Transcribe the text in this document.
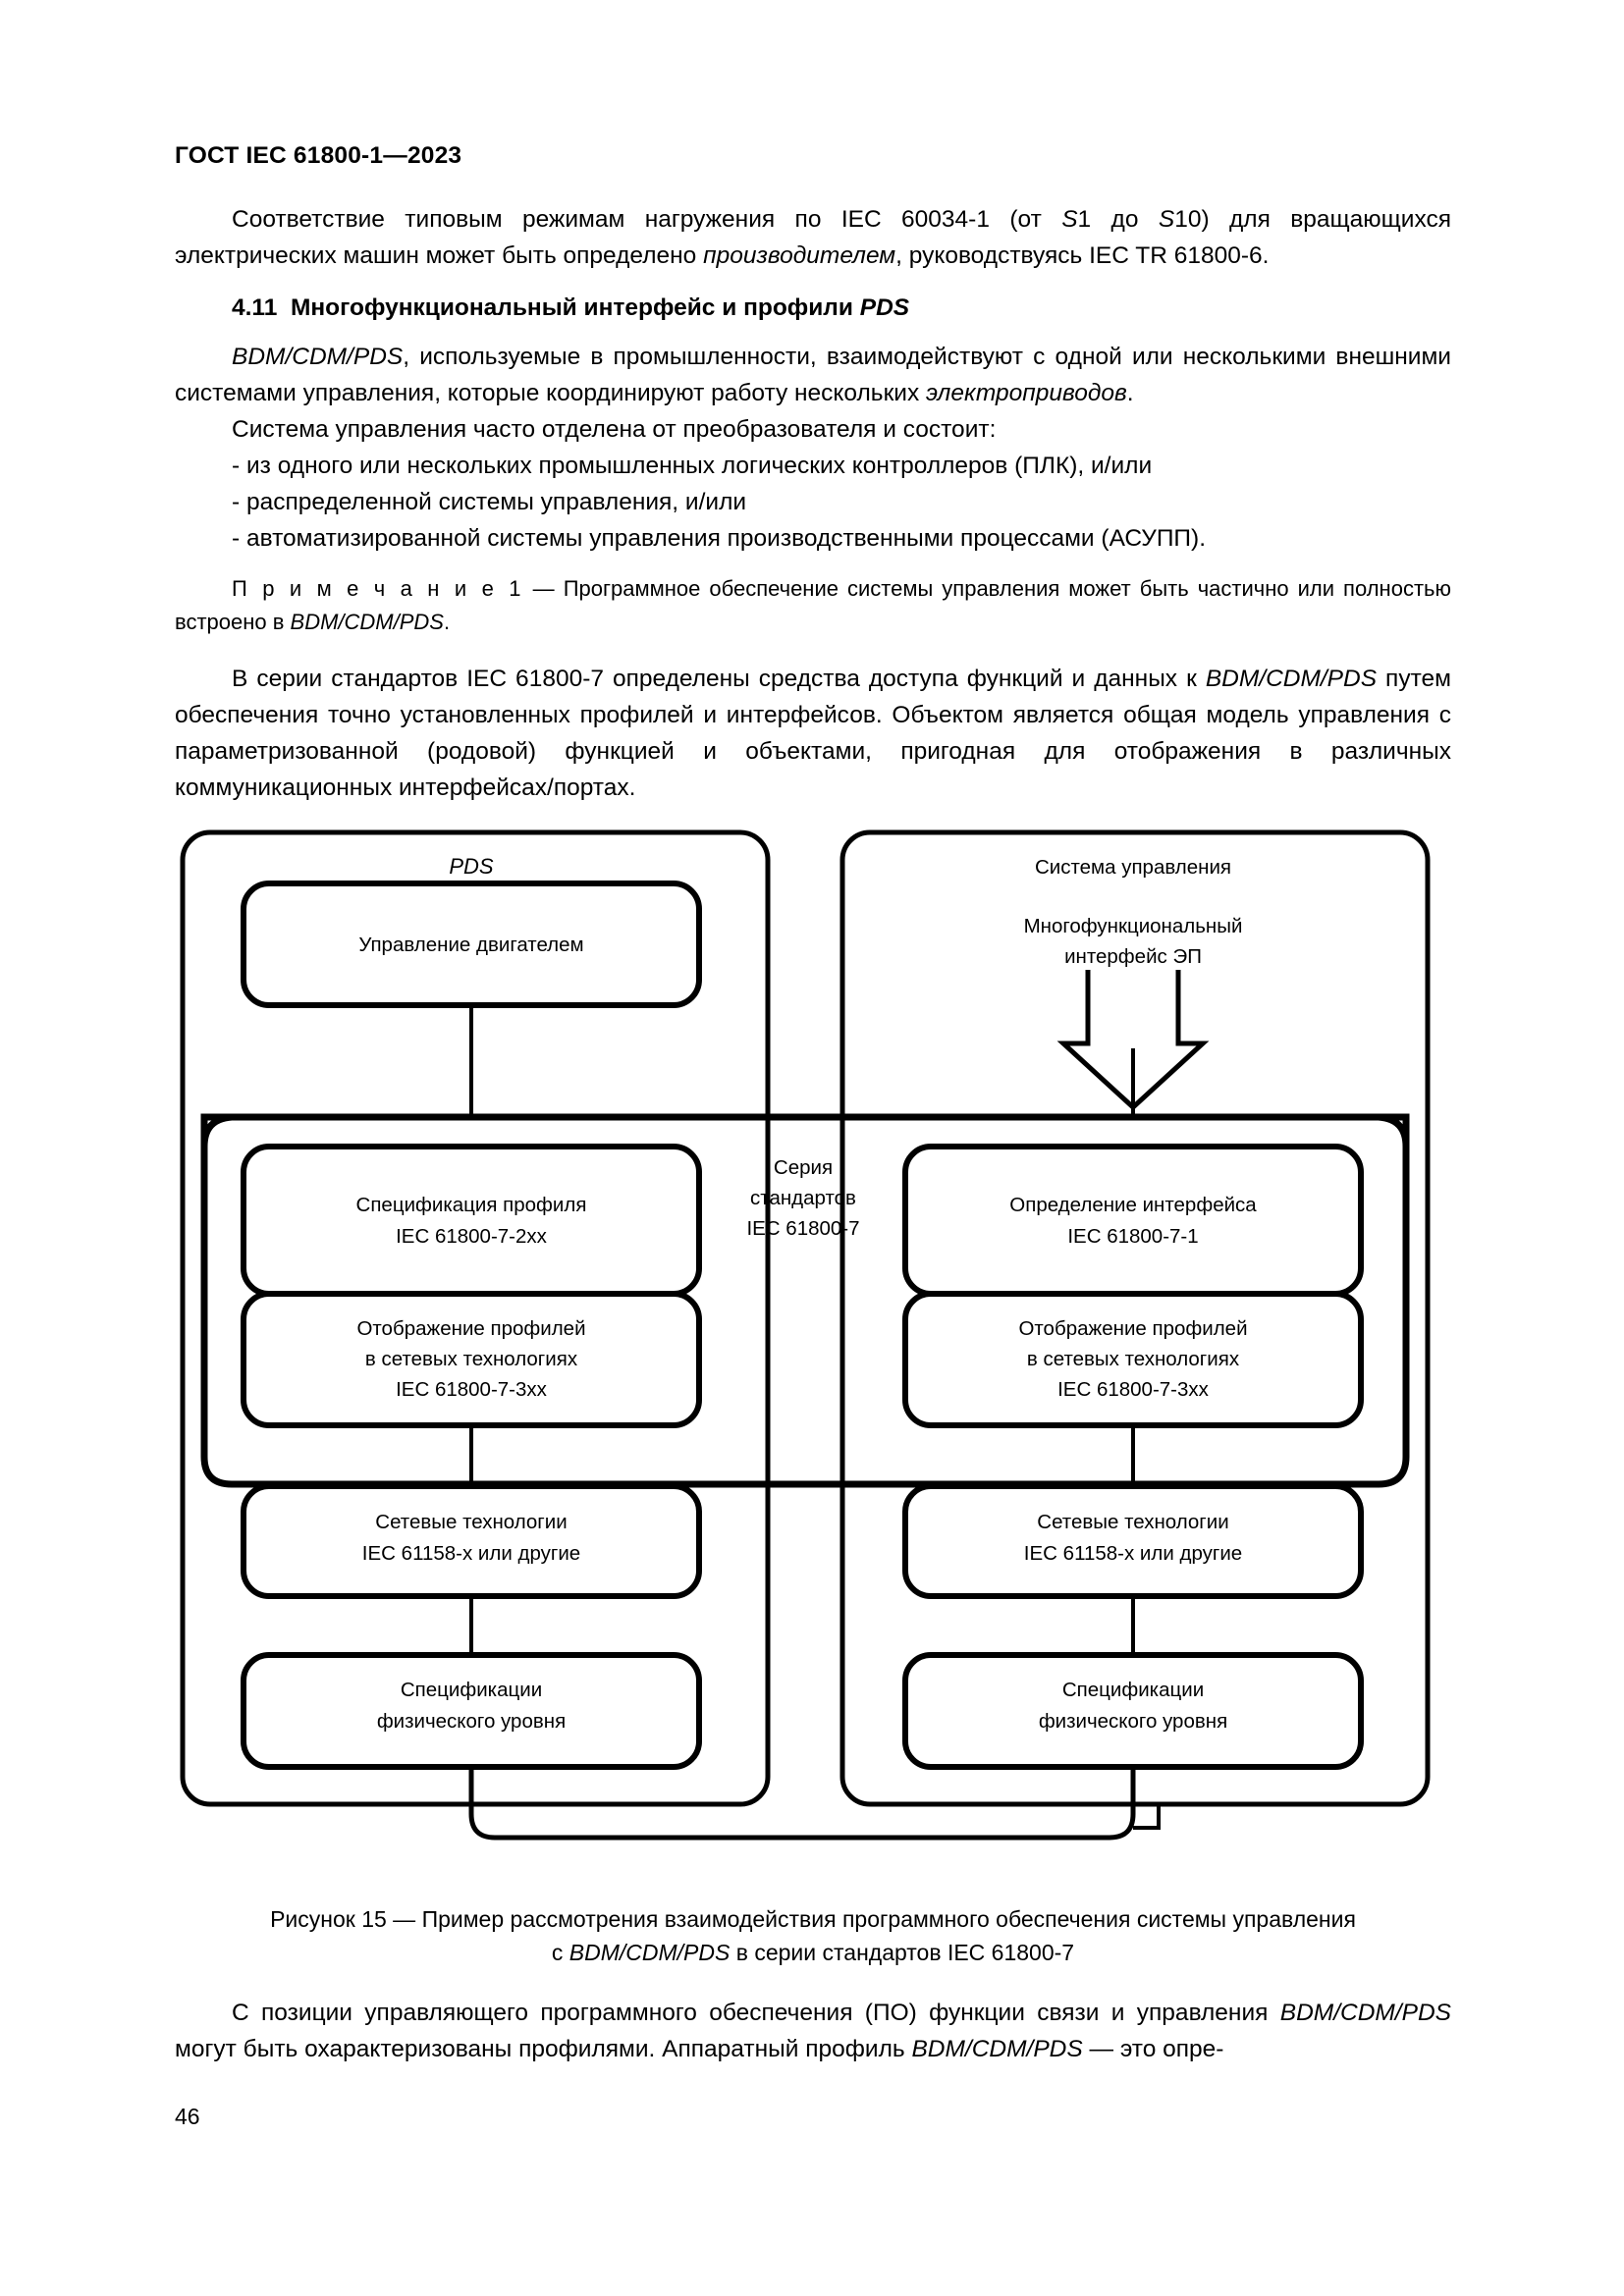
ГОСТ IEC 61800-1—2023

Соответствие типовым режимам нагружения по IEC 60034-1 (от S1 до S10) для вращающихся электрических машин может быть определено производителем, руководствуясь IEC TR 61800-6.

4.11 Многофункциональный интерфейс и профили PDS

BDM/CDM/PDS, используемые в промышленности, взаимодействуют с одной или несколькими внешними системами управления, которые координируют работу нескольких электроприводов.

Система управления часто отделена от преобразователя и состоит:

- из одного или нескольких промышленных логических контроллеров (ПЛК), и/или

- распределенной системы управления, и/или

- автоматизированной системы управления производственными процессами (АСУПП).

П р и м е ч а н и е 1 — Программное обеспечение системы управления может быть частично или полностью встроено в BDM/CDM/PDS.

В серии стандартов IEC 61800-7 определены средства доступа функций и данных к BDM/CDM/PDS путем обеспечения точно установленных профилей и интерфейсов. Объектом является общая модель управления с параметризованной (родовой) функцией и объектами, пригодная для отображения в различных коммуникационных интерфейсах/портах.

Управление двигателем
Спецификация профиля
IEC 61800-7-2xx
Определение интерфейса
IEC 61800-7-1
Отображение профилей
в сетевых технологиях
IEC 61800-7-3xx
Отображение профилей
в сетевых технологиях
IEC 61800-7-3xx
Сетевые технологии
IEC 61158-x или другие
Сетевые технологии
IEC 61158-x или другие
Спецификации
физического уровня
Спецификации
физического уровня
PDS	Система управления
Многофункциональный
интерфейс ЭП
Серия
стандартов
IEC 61800-7
Рисунок 15 — Пример рассмотрения взаимодействия программного обеспечения системы управления
с BDM/CDM/PDS в серии стандартов IEC 61800-7

С позиции управляющего программного обеспечения (ПО) функции связи и управления BDM/CDM/PDS могут быть охарактеризованы профилями. Аппаратный профиль BDM/CDM/PDS — это опре-

46
